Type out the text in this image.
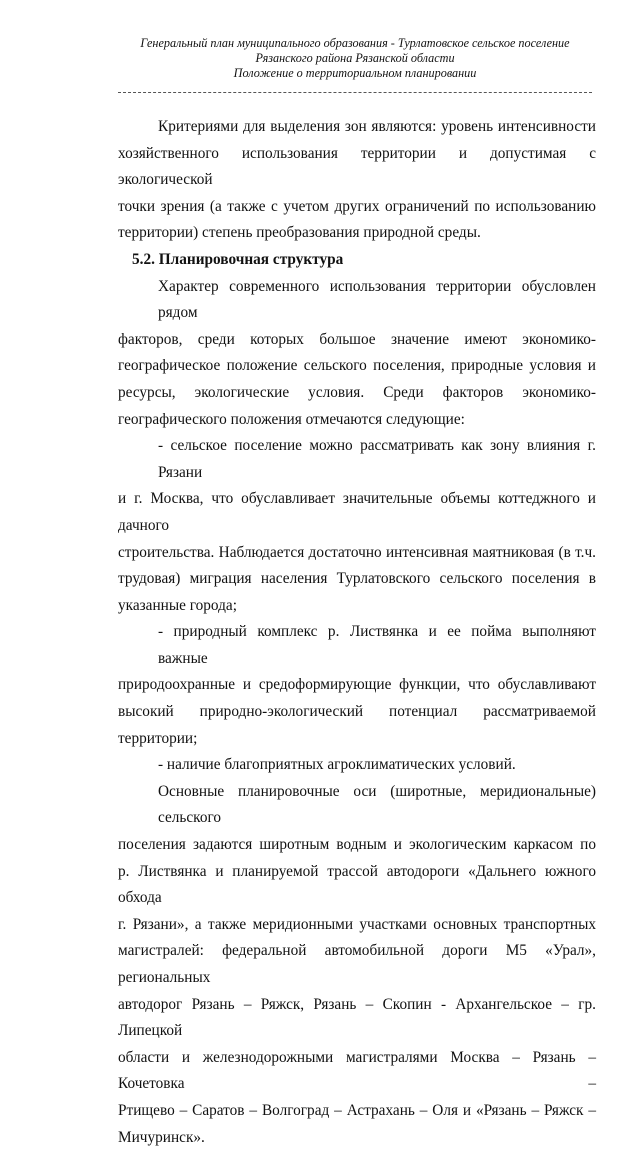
Генеральный план муниципального образования - Турлатовское сельское поселение
Рязанского района Рязанской области
Положение о территориальном планировании
Критериями для выделения зон являются: уровень интенсивности
хозяйственного использования территории и допустимая с экологической
точки зрения (а также с учетом других ограничений по использованию
территории) степень преобразования природной среды.
5.2. Планировочная структура
Характер современного использования территории обусловлен рядом
факторов, среди которых большое значение имеют экономико-
географическое положение сельского поселения, природные условия и
ресурсы, экологические условия. Среди факторов экономико-
географического положения отмечаются следующие:
- сельское поселение можно рассматривать как зону влияния г. Рязани
и г. Москва, что обуславливает значительные объемы коттеджного и дачного
строительства. Наблюдается достаточно интенсивная маятниковая (в т.ч.
трудовая) миграция населения Турлатовского сельского поселения в
указанные города;
- природный комплекс р. Листвянка и ее пойма выполняют важные
природоохранные и средоформирующие функции, что обуславливают
высокий природно-экологический потенциал рассматриваемой территории;
- наличие благоприятных агроклиматических условий.
Основные планировочные оси (широтные, меридиональные) сельского
поселения задаются широтным водным и экологическим каркасом по
р. Листвянка и планируемой трассой автодороги «Дальнего южного обхода
г. Рязани», а также меридионными участками основных транспортных
магистралей: федеральной автомобильной дороги М5 «Урал», региональных
автодорог Рязань – Ряжск, Рязань – Скопин - Архангельское – гр. Липецкой
области и железнодорожными магистралями Москва – Рязань – Кочетовка –
Ртищево – Саратов – Волгоград – Астрахань – Оля и «Рязань – Ряжск –
Мичуринск».
